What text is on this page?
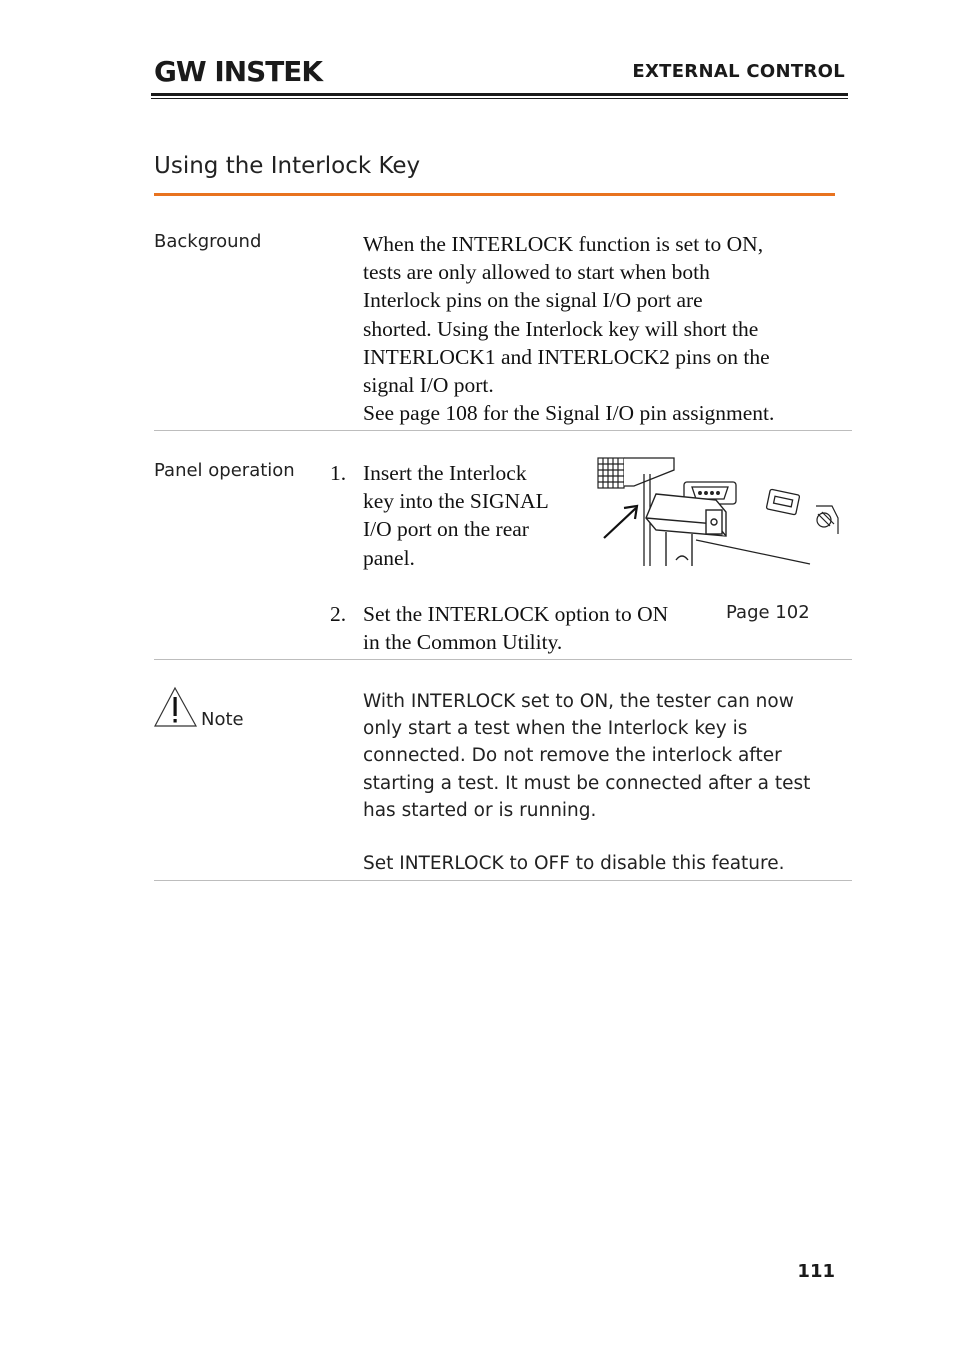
GW INSTEK	EXTERNAL CONTROL
Using the Interlock Key
Background	When the INTERLOCK function is set to ON,
tests are only allowed to start when both
Interlock pins on the signal I/O port are
shorted. Using the Interlock key will short the
INTERLOCK1 and INTERLOCK2 pins on the
signal I/O port.
See page 108 for the Signal I/O pin assignment.
Panel operation 1. Insert the Interlock
key into the SIGNAL
I/O port on the rear
panel.
2. Set the INTERLOCK option to ON
in the Common Utility.
Page 102
Note
With INTERLOCK set to ON, the tester can now
only start a test when the Interlock key is
connected. Do not remove the interlock after
starting a test. It must be connected after a test
has started or is running.
Set INTERLOCK to OFF to disable this feature.
111
